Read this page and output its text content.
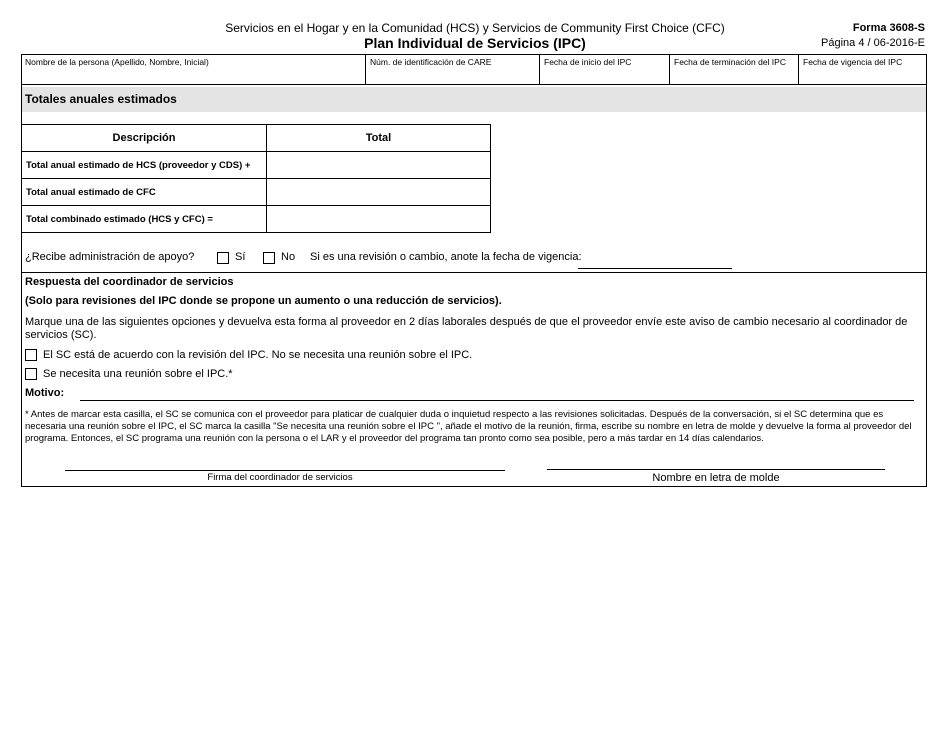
Servicios en el Hogar y en la Comunidad (HCS) y Servicios de Community First Choice (CFC)
Plan Individual de Servicios (IPC)
Forma 3608-S
Página 4 / 06-2016-E
Nombre de la persona (Apellido, Nombre, Inicial)	Núm. de identificación de CARE	Fecha de inicio del IPC	Fecha de terminación del IPC	Fecha de vigencia del IPC
Totales anuales estimados
Descripción	Total
Total anual estimado de HCS (proveedor y CDS) +	
Total anual estimado de CFC	
Total combinado estimado (HCS y CFC) =	
¿Recibe administración de apoyo?	Sí	No Si es una revisión o cambio, anote la fecha de vigencia:
Respuesta del coordinador de servicios
(Solo para revisiones del IPC donde se propone un aumento o una reducción de servicios).
Marque una de las siguientes opciones y devuelva esta forma al proveedor en 2 días laborales después de que el proveedor envíe este aviso de cambio necesario al coordinador de servicios (SC).
El SC está de acuerdo con la revisión del IPC. No se necesita una reunión sobre el IPC.
Se necesita una reunión sobre el IPC.*
Motivo:
* Antes de marcar esta casilla, el SC se comunica con el proveedor para platicar de cualquier duda o inquietud respecto a las revisiones solicitadas. Después de la conversación, si el SC determina que es necesaria una reunión sobre el IPC, el SC marca la casilla "Se necesita una reunión sobre el IPC ", añade el motivo de la reunión, firma, escribe su nombre en letra de molde y devuelve la forma al proveedor del programa. Entonces, el SC programa una reunión con la persona o el LAR y el proveedor del programa tan pronto como sea posible, pero a más tardar en 14 días calendarios.
Firma del coordinador de servicios	Nombre en letra de molde
